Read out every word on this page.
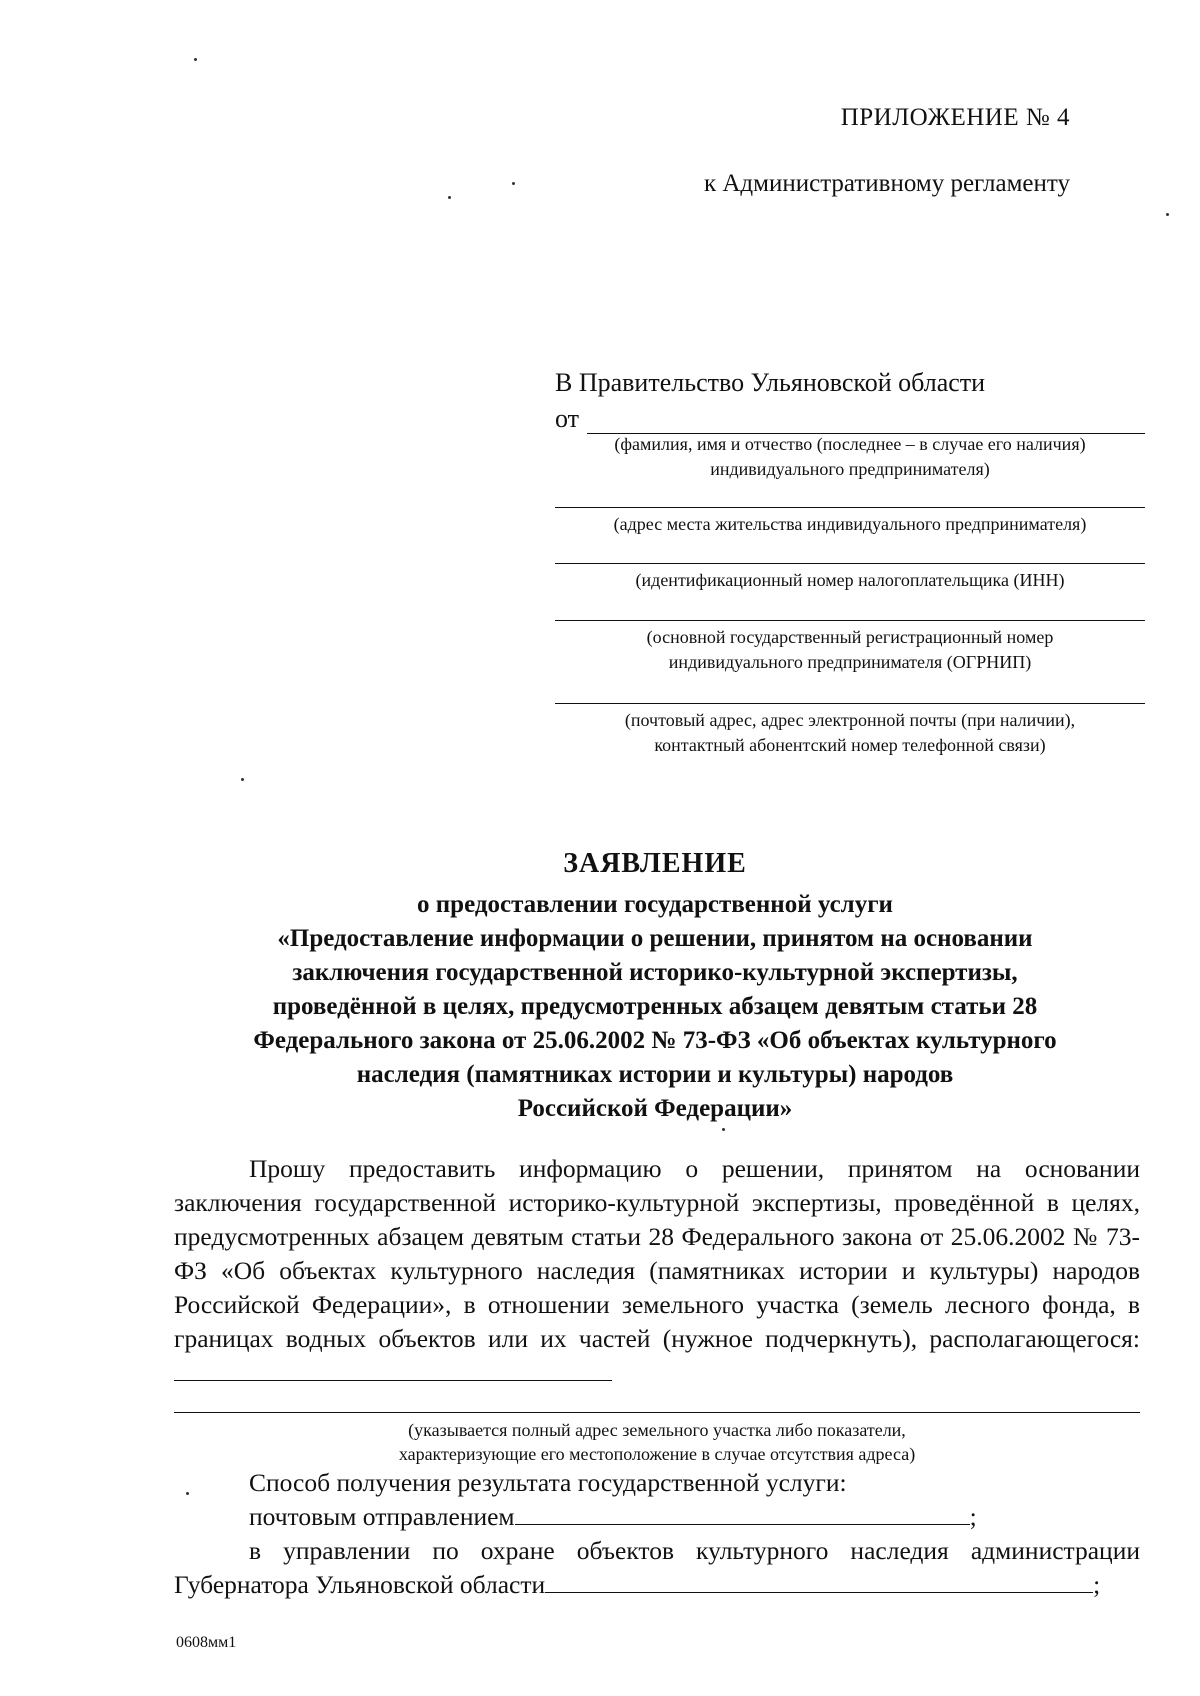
ПРИЛОЖЕНИЕ № 4
к Административному регламенту
В Правительство Ульяновской области
от
(фамилия, имя и отчество (последнее – в случае его наличия)
индивидуального предпринимателя)
(адрес места жительства индивидуального предпринимателя)
(идентификационный номер налогоплательщика (ИНН)
(основной государственный регистрационный номер
индивидуального предпринимателя (ОГРНИП)
(почтовый адрес, адрес электронной почты (при наличии),
контактный абонентский номер телефонной связи)
ЗАЯВЛЕНИЕ
о предоставлении государственной услуги
«Предоставление информации о решении, принятом на основании
заключения государственной историко-культурной экспертизы,
проведённой в целях, предусмотренных абзацем девятым статьи 28
Федерального закона от 25.06.2002 № 73-ФЗ «Об объектах культурного
наследия (памятниках истории и культуры) народов
Российской Федерации»

Прошу предоставить информацию о решении, принятом на основании заключения государственной историко-культурной экспертизы, проведённой в целях, предусмотренных абзацем девятым статьи 28 Федерального закона от 25.06.2002 № 73-ФЗ «Об объектах культурного наследия (памятниках истории и культуры) народов Российской Федерации», в отношении земельного участка (земель лесного фонда, в границах водных объектов или их частей (нужное подчеркнуть), располагающегося:

(указывается полный адрес земельного участка либо показатели,
характеризующие его местоположение в случае отсутствия адреса)
Способ получения результата государственной услуги:
почтовым отправлением	;
в управлении по охране объектов культурного наследия администрации
Губернатора Ульяновской области	;
0608мм1
